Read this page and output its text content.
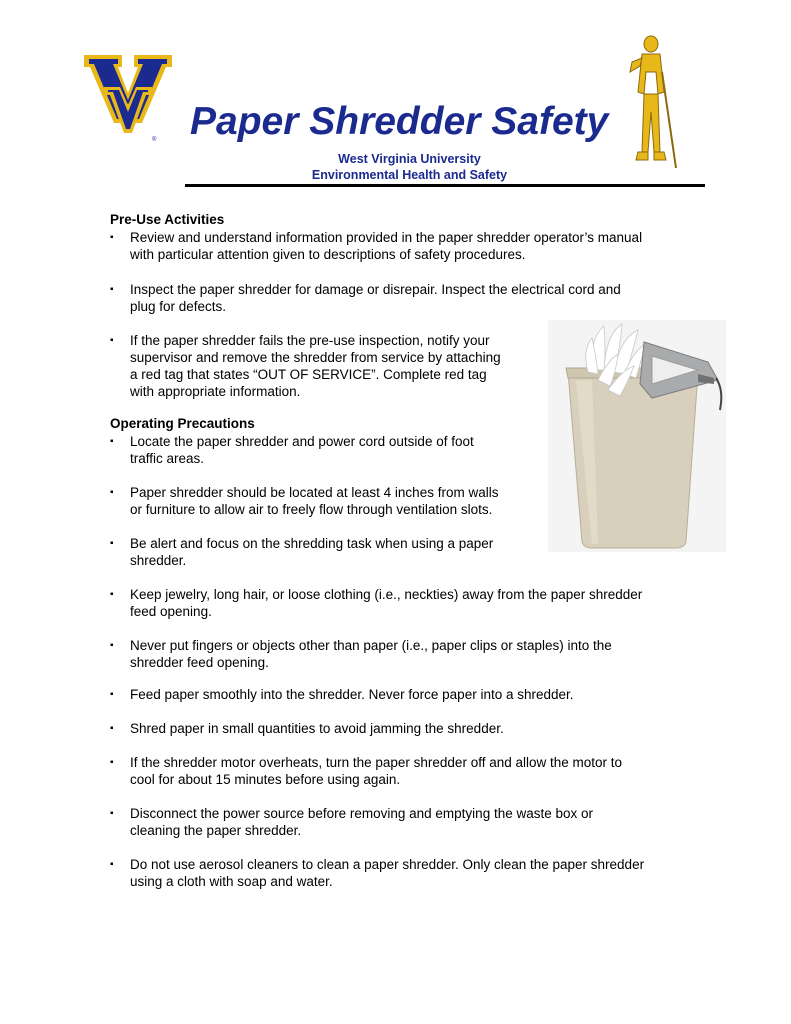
® Paper Shredder Safety
West Virginia University
Environmental Health and Safety
Pre-Use Activities
▪ Review and understand information provided in the paper shredder operator’s manual
with particular attention given to descriptions of safety procedures.
▪ Inspect the paper shredder for damage or disrepair. Inspect the electrical cord and
plug for defects.
▪ If the paper shredder fails the pre-use inspection, notify your
supervisor and remove the shredder from service by attaching
a red tag that states “OUT OF SERVICE”. Complete red tag
with appropriate information.
Operating Precautions
▪ Locate the paper shredder and power cord outside of foot
traffic areas.
▪ Paper shredder should be located at least 4 inches from walls
or furniture to allow air to freely flow through ventilation slots.
▪ Be alert and focus on the shredding task when using a paper
shredder.
▪ Keep jewelry, long hair, or loose clothing (i.e., neckties) away from the paper shredder
feed opening.
▪ Never put fingers or objects other than paper (i.e., paper clips or staples) into the
shredder feed opening.
▪ Feed paper smoothly into the shredder. Never force paper into a shredder.
▪ Shred paper in small quantities to avoid jamming the shredder.
▪ If the shredder motor overheats, turn the paper shredder off and allow the motor to
cool for about 15 minutes before using again.
▪ Disconnect the power source before removing and emptying the waste box or
cleaning the paper shredder.
▪ Do not use aerosol cleaners to clean a paper shredder. Only clean the paper shredder
using a cloth with soap and water.
